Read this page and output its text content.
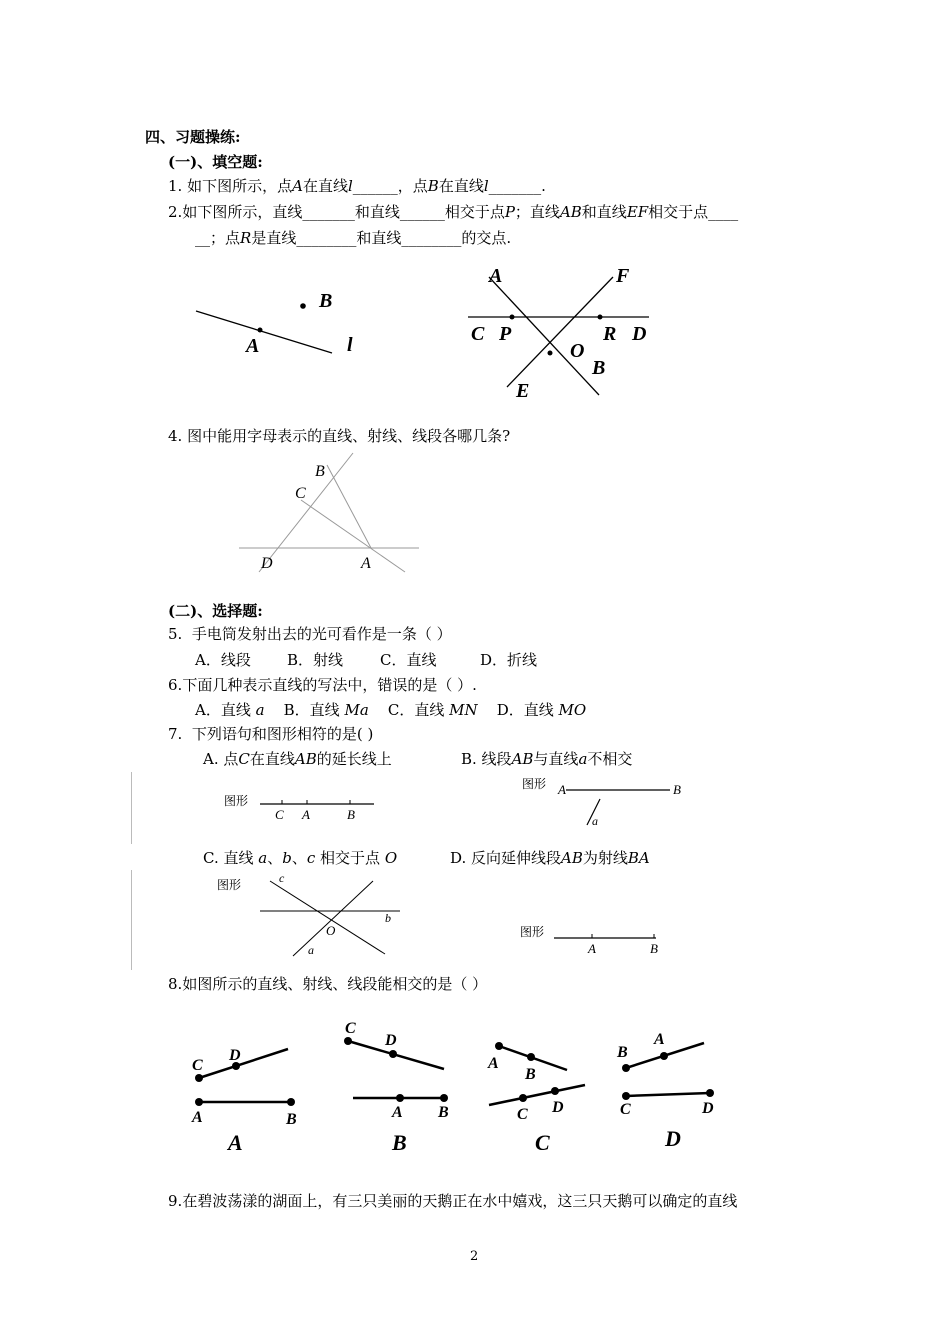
四、习题操练:
(一)、填空题:
1. 如下图所示，点A在直线l______，点B在直线l_______.
2.如下图所示，直线_______和直线______相交于点P；直线AB和直线EF相交于点____
__；点R是直线________和直线________的交点.
A
B
l
A	F
C P	R D
O
B
E
4. 图中能用字母表示的直线、射线、线段各哪几条?
B
C
D	A
(二)、选择题:
5. 手电筒发射出去的光可看作是一条（ ）
A．线段 B．射线 C．直线	D．折线
6.下面几种表示直线的写法中，错误的是（ ）.
A．直线 a B．直线 Ma C．直线 MN D．直线 MO
7. 下列语句和图形相符的是( )
A. 点C在直线AB的延长线上	B. 线段AB与直线a不相交
图形
C A	B
图形 A	B
a
C. 直线 a、b、c 相交于点 O	D. 反向延伸线段AB为射线BA
图形	c
b
O
a
图形
A	B
8.如图所示的直线、射线、线段能相交的是（ ）
C
D
A	B
A
C
D
A B
B
A
B
C D
C
B
A
C	D
D
9.在碧波荡漾的湖面上，有三只美丽的天鹅正在水中嬉戏，这三只天鹅可以确定的直线
2
